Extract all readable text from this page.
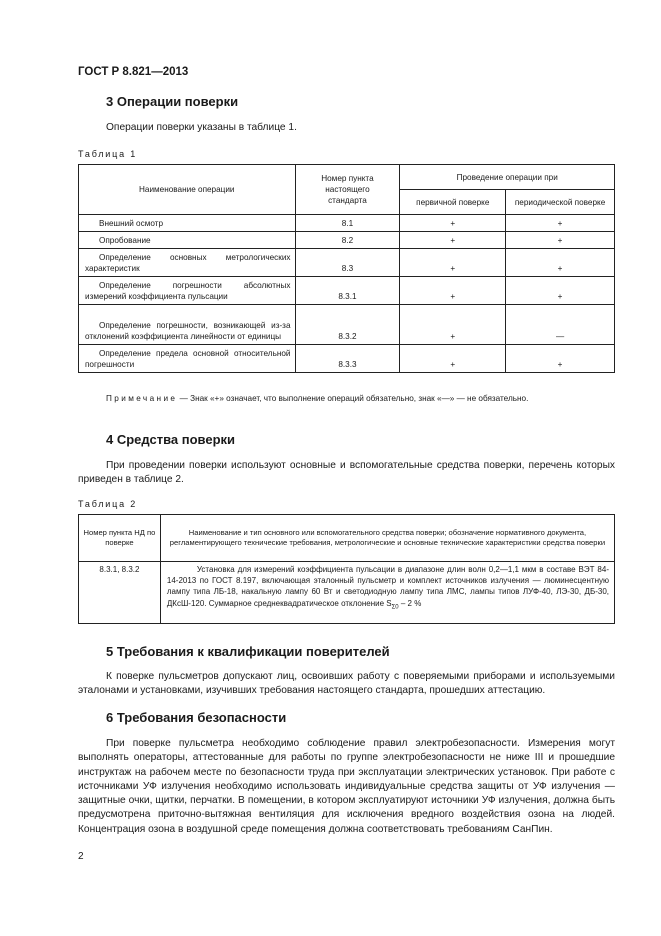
ГОСТ Р 8.821—2013
3 Операции поверки
Операции поверки указаны в таблице 1.
Таблица 1
Наименование операции	Номер пункта настоящего стандарта	Проведение операции при	
		первичной поверке	периодической поверке
Внешний осмотр	8.1	+	+
Опробование	8.2	+	+
Определение основных метрологических характеристик	8.3	+	+
Определение погрешности абсолютных измерений коэффициента пульсации	8.3.1	+	+
Определение погрешности, возникающей из-за отклонений коэффициента линейности от единицы	8.3.2	+	—
Определение предела основной относительной погрешности	8.3.3	+	+
Примечание — Знак «+» означает, что выполнение операций обязательно, знак «—» — не обязательно.
4 Средства поверки
При проведении поверки используют основные и вспомогательные средства поверки, перечень которых приведен в таблице 2.
Таблица 2
Номер пункта НД по поверке	Наименование и тип основного или вспомогательного средства поверки; обозначение нормативного документа, регламентирующего технические требования, метрологические и основные технические характеристики средства поверки
8.3.1, 8.3.2	Установка для измерений коэффициента пульсации в диапазоне длин волн 0,2—1,1 мкм в составе ВЭТ 84-14-2013 по ГОСТ 8.197, включающая эталонный пульсметр и комплект источников излучения — люминесцентную лампу типа ЛБ-18, накальную лампу 60 Вт и светодиодную лампу типа ЛМС, лампы типов ЛУФ-40, ЛЭ-30, ДБ-30, ДКсШ-120. Суммарное среднеквадратическое отклонение $S_{\Sigma 0} - 2$ %
5 Требования к квалификации поверителей
К поверке пульсметров допускают лиц, освоивших работу с поверяемыми приборами и используемыми эталонами и установками, изучивших требования настоящего стандарта, прошедших аттестацию.
6 Требования безопасности
При поверке пульсметра необходимо соблюдение правил электробезопасности. Измерения могут выполнять операторы, аттестованные для работы по группе электробезопасности не ниже III и прошедшие инструктаж на рабочем месте по безопасности труда при эксплуатации электрических установок. При работе с источниками УФ излучения необходимо использовать индивидуальные средства защиты от УФ излучения — защитные очки, щитки, перчатки. В помещении, в котором эксплуатируют источники УФ излучения, должна быть предусмотрена приточно-вытяжная вентиляция для исключения вредного воздействия озона на людей. Концентрация озона в воздушной среде помещения должна соответствовать требованиям СанПин.
2
